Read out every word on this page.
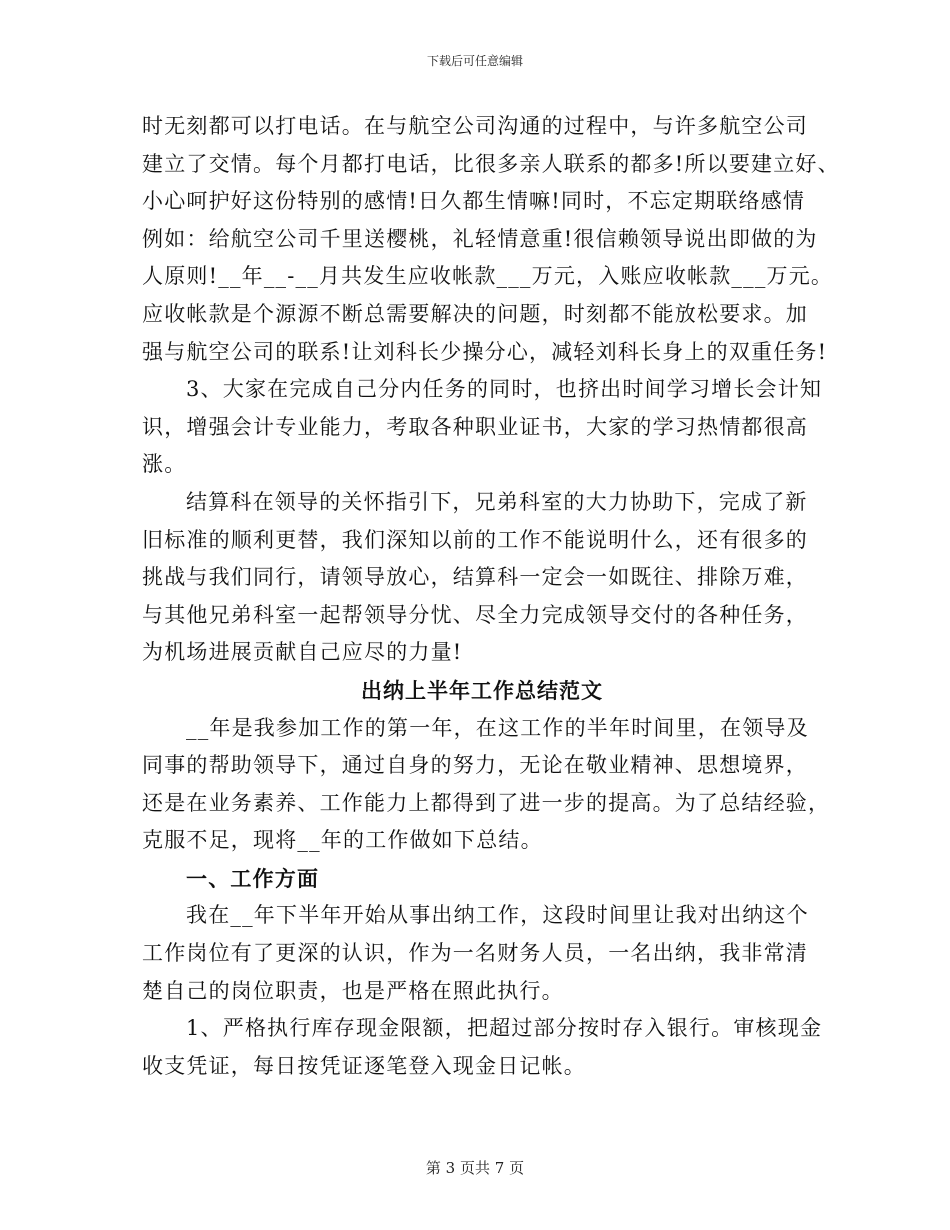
下载后可任意编辑
时无刻都可以打电话。在与航空公司沟通的过程中，与许多航空公司
建立了交情。每个月都打电话，比很多亲人联系的都多!所以要建立好、
小心呵护好这份特别的感情!日久都生情嘛!同时，不忘定期联络感情
例如：给航空公司千里送樱桃，礼轻情意重!很信赖领导说出即做的为
人原则!__年__-__月共发生应收帐款___万元，入账应收帐款___万元。
应收帐款是个源源不断总需要解决的问题，时刻都不能放松要求。加
强与航空公司的联系!让刘科长少操分心，减轻刘科长身上的双重任务!
3、大家在完成自己分内任务的同时，也挤出时间学习增长会计知
识，增强会计专业能力，考取各种职业证书，大家的学习热情都很高
涨。
结算科在领导的关怀指引下，兄弟科室的大力协助下，完成了新
旧标准的顺利更替，我们深知以前的工作不能说明什么，还有很多的
挑战与我们同行，请领导放心，结算科一定会一如既往、排除万难，
与其他兄弟科室一起帮领导分忧、尽全力完成领导交付的各种任务，
为机场进展贡献自己应尽的力量!
出纳上半年工作总结范文
__年是我参加工作的第一年，在这工作的半年时间里，在领导及
同事的帮助领导下，通过自身的努力，无论在敬业精神、思想境界，
还是在业务素养、工作能力上都得到了进一步的提高。为了总结经验，
克服不足，现将__年的工作做如下总结。
一、工作方面
我在__年下半年开始从事出纳工作，这段时间里让我对出纳这个
工作岗位有了更深的认识，作为一名财务人员，一名出纳，我非常清
楚自己的岗位职责，也是严格在照此执行。
1、严格执行库存现金限额，把超过部分按时存入银行。审核现金
收支凭证，每日按凭证逐笔登入现金日记帐。
第 3 页共 7 页
